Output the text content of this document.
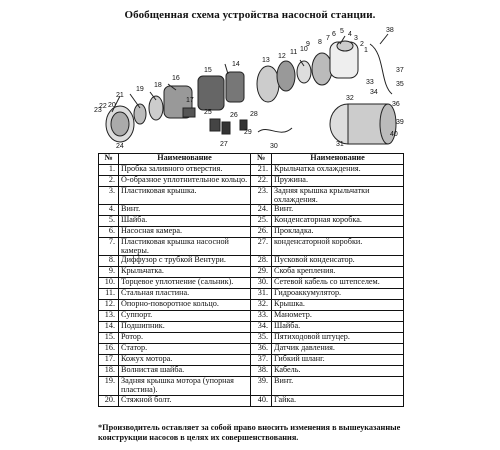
Обобщенная схема устройства насосной станции.
20
21
22
23
24
19
18
16
17
15
14
25	26
27
28
29
30
13
12
11 10
9 8
7
6 5 4
3
2
1
31
32
33
34
35
36
37
38
39
40
№	Наименование	№	Наименование
1.	Пробка заливного отверстия.	21.	Крыльчатка охлаждения.
2.	О-образное уплотнительное кольцо.	22.	Пружина.
3.	Пластиковая крышка.	23.	Задняя крышка крыльчатки охлаждения.
4.	Винт.	24.	Винт.
5.	Шайба.	25.	Конденсаторная коробка.
6.	Насосная камера.	26.	Прокладка.
7.	Пластиковая крышка насосной камеры.	27.	конденсаторной коробки.
8.	Диффузор с трубкой Вентури.	28.	Пусковой конденсатор.
9.	Крыльчатка.	29.	Скоба крепления.
10.	Торцевое уплотнение (сальник).	30.	Сетевой кабель со штепселем.
11.	Стальная пластина.	31.	Гидроаккумулятор.
12.	Опорно-поворотное кольцо.	32.	Крышка.
13.	Суппорт.	33.	Манометр.
14.	Подшипник.	34.	Шайба.
15.	Ротор.	35.	Пятиходовой штуцер.
16.	Статор.	36.	Датчик давления.
17.	Кожух мотора.	37.	Гибкий шланг.
18.	Волнистая шайба.	38.	Кабель.
19.	Задняя крышка мотора (упорная пластина).	39.	Винт.
20.	Стяжной болт.	40.	Гайка.
*Производитель оставляет за собой право вносить изменения в вышеуказанные
конструкции насосов в целях их совершенствования.
